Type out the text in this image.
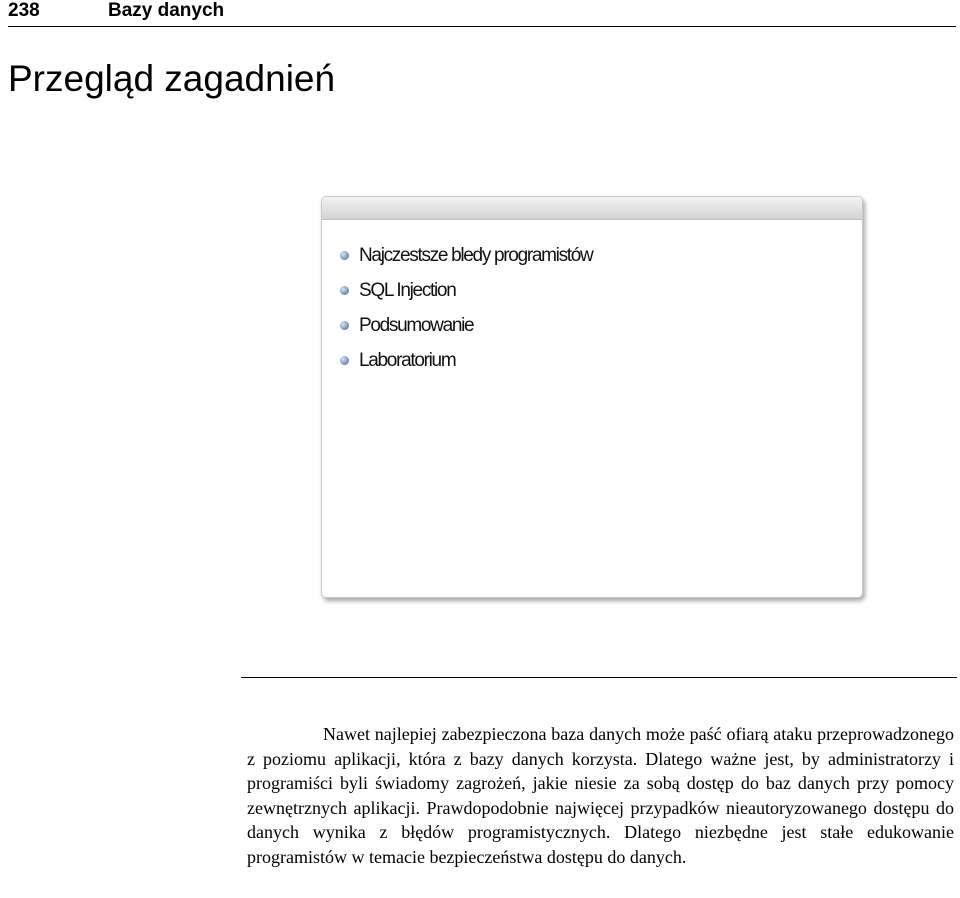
238	Bazy danych
Przegląd zagadnień
Najczestsze bledy programistów
SQL Injection
Podsumowanie
Laboratorium

Nawet najlepiej zabezpieczona baza danych może paść ofiarą ataku przeprowadzonego z poziomu aplikacji, która z bazy danych korzysta. Dlatego ważne jest, by administratorzy i programiści byli świadomy zagrożeń, jakie niesie za sobą dostęp do baz danych przy pomocy zewnętrznych aplikacji. Prawdopodobnie najwięcej przypadków nieautoryzowanego dostępu do danych wynika z błędów programistycznych. Dlatego niezbędne jest stałe edukowanie programistów w temacie bezpieczeństwa dostępu do danych.
